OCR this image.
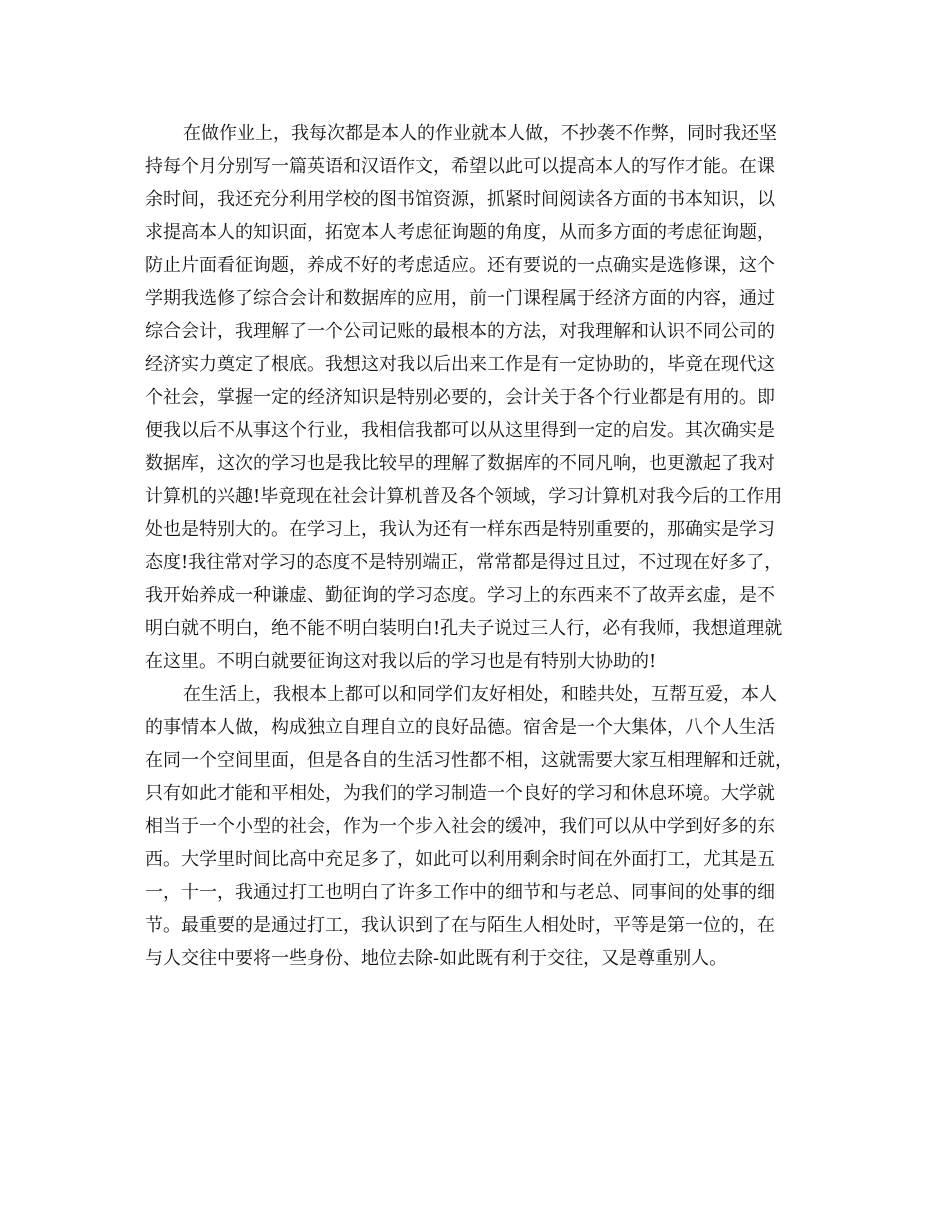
在做作业上，我每次都是本人的作业就本人做，不抄袭不作弊，同时我还坚
持每个月分别写一篇英语和汉语作文，希望以此可以提高本人的写作才能。在课
余时间，我还充分利用学校的图书馆资源，抓紧时间阅读各方面的书本知识，以
求提高本人的知识面，拓宽本人考虑征询题的角度，从而多方面的考虑征询题，
防止片面看征询题，养成不好的考虑适应。还有要说的一点确实是选修课，这个
学期我选修了综合会计和数据库的应用，前一门课程属于经济方面的内容，通过
综合会计，我理解了一个公司记账的最根本的方法，对我理解和认识不同公司的
经济实力奠定了根底。我想这对我以后出来工作是有一定协助的，毕竟在现代这
个社会，掌握一定的经济知识是特别必要的，会计关于各个行业都是有用的。即
便我以后不从事这个行业，我相信我都可以从这里得到一定的启发。其次确实是
数据库，这次的学习也是我比较早的理解了数据库的不同凡响，也更激起了我对
计算机的兴趣!毕竟现在社会计算机普及各个领域，学习计算机对我今后的工作用
处也是特别大的。在学习上，我认为还有一样东西是特别重要的，那确实是学习
态度!我往常对学习的态度不是特别端正，常常都是得过且过，不过现在好多了，
我开始养成一种谦虚、勤征询的学习态度。学习上的东西来不了故弄玄虚，是不
明白就不明白，绝不能不明白装明白!孔夫子说过三人行，必有我师，我想道理就
在这里。不明白就要征询这对我以后的学习也是有特别大协助的!
在生活上，我根本上都可以和同学们友好相处，和睦共处，互帮互爱，本人
的事情本人做，构成独立自理自立的良好品德。宿舍是一个大集体，八个人生活
在同一个空间里面，但是各自的生活习性都不相，这就需要大家互相理解和迁就，
只有如此才能和平相处，为我们的学习制造一个良好的学习和休息环境。大学就
相当于一个小型的社会，作为一个步入社会的缓冲，我们可以从中学到好多的东
西。大学里时间比高中充足多了，如此可以利用剩余时间在外面打工，尤其是五
一，十一，我通过打工也明白了许多工作中的细节和与老总、同事间的处事的细
节。最重要的是通过打工，我认识到了在与陌生人相处时，平等是第一位的，在
与人交往中要将一些身份、地位去除-如此既有利于交往，又是尊重别人。
